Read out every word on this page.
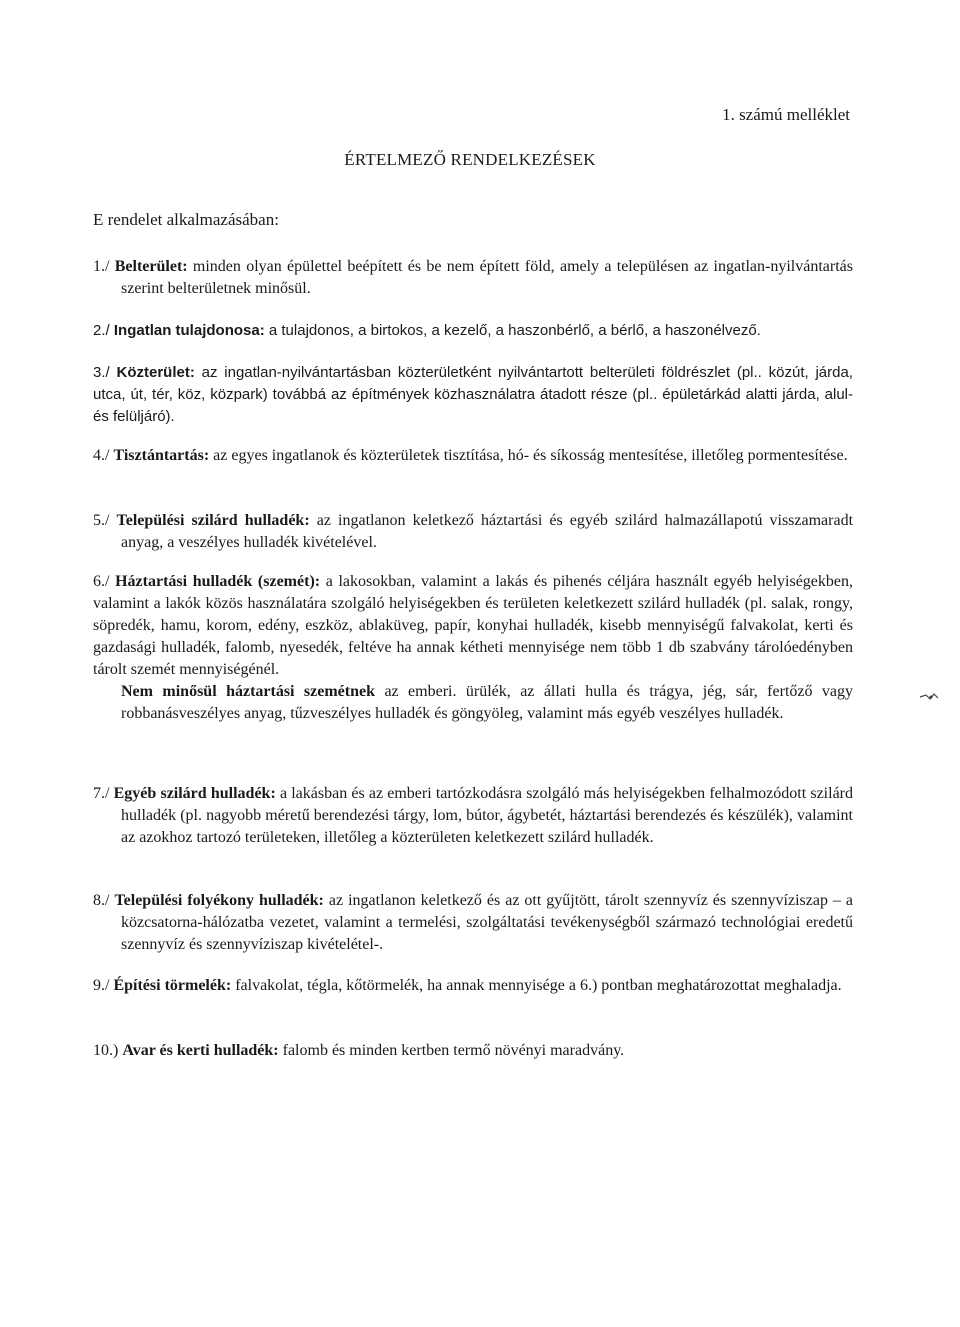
1. számú melléklet
ÉRTELMEZŐ RENDELKEZÉSEK
E rendelet alkalmazásában:
1./ Belterület: minden olyan épülettel beépített és be nem épített föld, amely a településen az ingatlan-nyilvántartás szerint belterületnek minősül.
2./ Ingatlan tulajdonosa: a tulajdonos, a birtokos, a kezelő, a haszonbérlő, a bérlő, a haszonélvező.
3./ Közterület: az ingatlan-nyilvántartásban közterületként nyilvántartott belterületi földrészlet (pl.. közút, járda, utca, út, tér, köz, közpark) továbbá az építmények közhasználatra átadott része (pl.. épületárkád alatti járda, alul- és felüljáró).
4./ Tisztántartás: az egyes ingatlanok és közterületek tisztítása, hó- és síkosság mentesítése, illetőleg pormentesítése.
5./ Települési szilárd hulladék: az ingatlanon keletkező háztartási és egyéb szilárd halmazállapotú visszamaradt anyag, a veszélyes hulladék kivételével.
6./ Háztartási hulladék (szemét): a lakosokban, valamint a lakás és pihenés céljára használt egyéb helyiségekben, valamint a lakók közös használatára szolgáló helyiségekben és területen keletkezett szilárd hulladék (pl. salak, rongy, söpredék, hamu, korom, edény, eszköz, ablaküveg, papír, konyhai hulladék, kisebb mennyiségű falvakolat, kerti és gazdasági hulladék, falomb, nyesedék, feltéve ha annak kétheti mennyisége nem több 1 db szabvány tárolóedényben tárolt szemét mennyiségénél.
Nem minősül háztartási szemétnek az emberi. ürülék, az állati hulla és trágya, jég, sár, fertőző vagy robbanásveszélyes anyag, tűzveszélyes hulladék és göngyöleg, valamint más egyéb veszélyes hulladék.
7./ Egyéb szilárd hulladék: a lakásban és az emberi tartózkodásra szolgáló más helyiségekben felhalmozódott szilárd hulladék (pl. nagyobb méretű berendezési tárgy, lom, bútor, ágybetét, háztartási berendezés és készülék), valamint az azokhoz tartozó területeken, illetőleg a közterületen keletkezett szilárd hulladék.
8./ Települési folyékony hulladék: az ingatlanon keletkező és az ott gyűjtött, tárolt szennyvíz és szennyvíziszap – a közcsatorna-hálózatba vezetet, valamint a termelési, szolgáltatási tevékenységből származó technológiai eredetű szennyvíz és szennyvíziszap kivételétel-.
9./ Építési törmelék: falvakolat, tégla, kőtörmelék, ha annak mennyisége a 6.) pontban meghatározottat meghaladja.
10.) Avar és kerti hulladék: falomb és minden kertben termő növényi maradvány.
